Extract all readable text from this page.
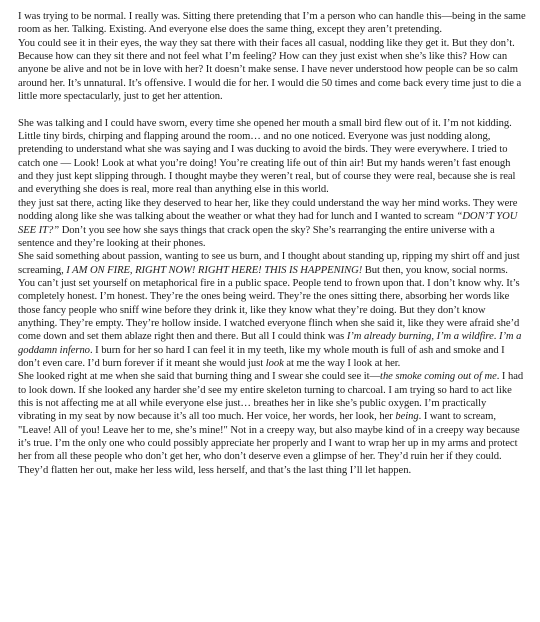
I was trying to be normal. I really was. Sitting there pretending that I’m a person who can handle this—being in the same room as her. Talking. Existing. And everyone else does the same thing, except they aren’t pretending.

You could see it in their eyes, the way they sat there with their faces all casual, nodding like they get it. But they don’t. Because how can they sit there and not feel what I’m feeling? How can they just exist when she’s like this? How can anyone be alive and not be in love with her? It doesn’t make sense. I have never understood how people can be so calm around her. It’s unnatural. It’s offensive. I would die for her. I would die 50 times and come back every time just to die a little more spectacularly, just to get her attention.

She was talking and I could have sworn, every time she opened her mouth a small bird flew out of it. I’m not kidding. Little tiny birds, chirping and flapping around the room… and no one noticed. Everyone was just nodding along, pretending to understand what she was saying and I was ducking to avoid the birds. They were everywhere. I tried to catch one — Look! Look at what you’re doing! You’re creating life out of thin air! But my hands weren’t fast enough and they just kept slipping through. I thought maybe they weren’t real, but of course they were real, because she is real and everything she does is real, more real than anything else in this world.

they just sat there, acting like they deserved to hear her, like they could understand the way her mind works. They were nodding along like she was talking about the weather or what they had for lunch and I wanted to scream “DON’T YOU SEE IT?” Don’t you see how she says things that crack open the sky? She’s rearranging the entire universe with a sentence and they’re looking at their phones.

She said something about passion, wanting to see us burn, and I thought about standing up, ripping my shirt off and just screaming, I AM ON FIRE, RIGHT NOW! RIGHT HERE! THIS IS HAPPENING! But then, you know, social norms. You can’t just set yourself on metaphorical fire in a public space. People tend to frown upon that. I don’t know why. It’s completely honest. I’m honest. They’re the ones being weird. They’re the ones sitting there, absorbing her words like those fancy people who sniff wine before they drink it, like they know what they’re doing. But they don’t know anything. They’re empty. They’re hollow inside. I watched everyone flinch when she said it, like they were afraid she’d come down and set them ablaze right then and there. But all I could think was I’m already burning, I’m a wildfire. I’m a goddamn inferno. I burn for her so hard I can feel it in my teeth, like my whole mouth is full of ash and smoke and I don’t even care. I’d burn forever if it meant she would just look at me the way I look at her.

She looked right at me when she said that burning thing and I swear she could see it—the smoke coming out of me. I had to look down. If she looked any harder she’d see my entire skeleton turning to charcoal. I am trying so hard to act like this is not affecting me at all while everyone else just… breathes her in like she’s public oxygen. I’m practically vibrating in my seat by now because it’s all too much. Her voice, her words, her look, her being. I want to scream, "Leave! All of you! Leave her to me, she’s mine!" Not in a creepy way, but also maybe kind of in a creepy way because it’s true. I’m the only one who could possibly appreciate her properly and I want to wrap her up in my arms and protect her from all these people who don’t get her, who don’t deserve even a glimpse of her. They’d ruin her if they could. They’d flatten her out, make her less wild, less herself, and that’s the last thing I’ll let happen.
